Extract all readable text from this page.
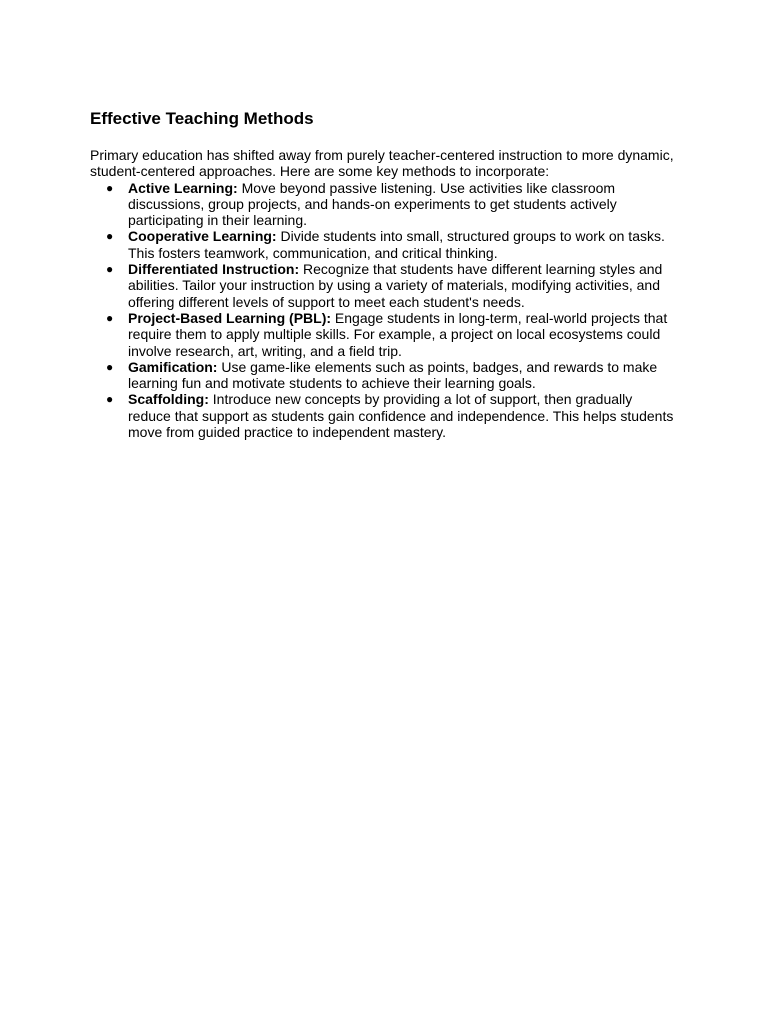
Effective Teaching Methods

Primary education has shifted away from purely teacher-centered instruction to more dynamic, student-centered approaches. Here are some key methods to incorporate:

● Active Learning: Move beyond passive listening. Use activities like classroom discussions, group projects, and hands-on experiments to get students actively participating in their learning.
● Cooperative Learning: Divide students into small, structured groups to work on tasks. This fosters teamwork, communication, and critical thinking.
● Differentiated Instruction: Recognize that students have different learning styles and abilities. Tailor your instruction by using a variety of materials, modifying activities, and offering different levels of support to meet each student's needs.
● Project-Based Learning (PBL): Engage students in long-term, real-world projects that require them to apply multiple skills. For example, a project on local ecosystems could involve research, art, writing, and a field trip.
● Gamification: Use game-like elements such as points, badges, and rewards to make learning fun and motivate students to achieve their learning goals.
● Scaffolding: Introduce new concepts by providing a lot of support, then gradually reduce that support as students gain confidence and independence. This helps students move from guided practice to independent mastery.
